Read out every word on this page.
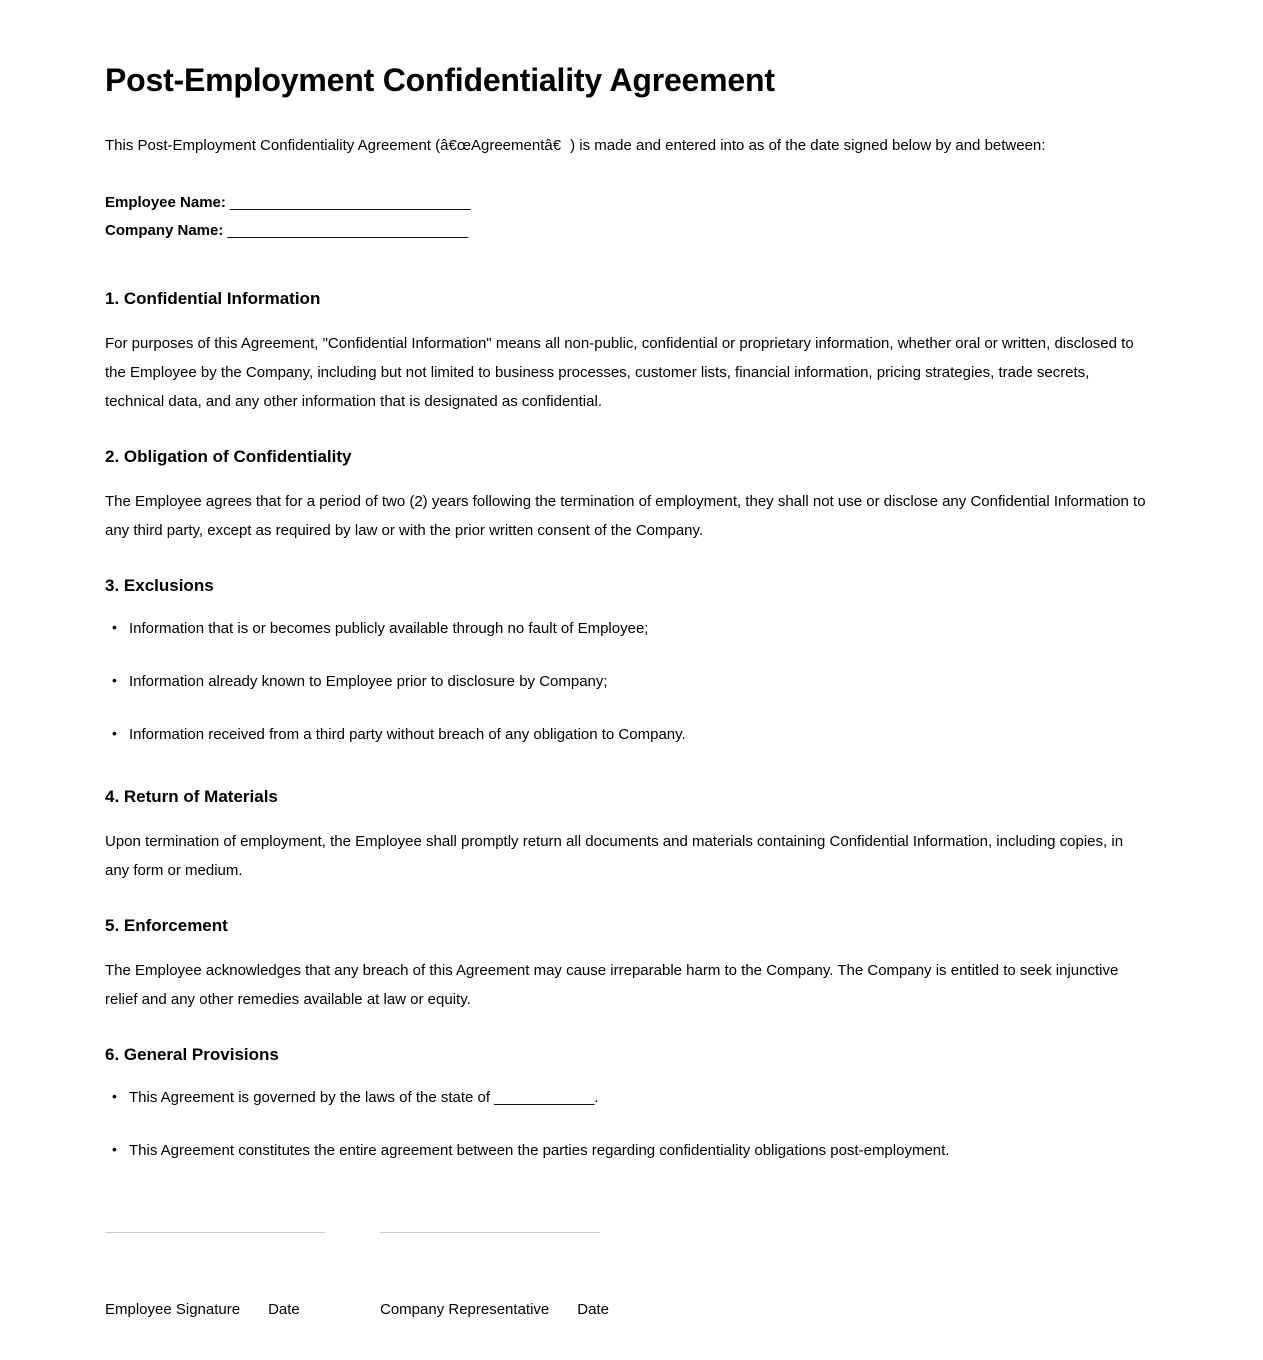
Post-Employment Confidentiality Agreement

This Post-Employment Confidentiality Agreement (â€œAgreementâ€) is made and entered into as of the date signed below by and between:

Employee Name: _______________________________
Company Name: _______________________________
1. Confidential Information

For purposes of this Agreement, "Confidential Information" means all non-public, confidential or proprietary information, whether oral or written, disclosed to the Employee by the Company, including but not limited to business processes, customer lists, financial information, pricing strategies, trade secrets, technical data, and any other information that is designated as confidential.

2. Obligation of Confidentiality

The Employee agrees that for a period of two (2) years following the termination of employment, they shall not use or disclose any Confidential Information to any third party, except as required by law or with the prior written consent of the Company.

3. Exclusions
• Information that is or becomes publicly available through no fault of Employee;
• Information already known to Employee prior to disclosure by Company;
• Information received from a third party without breach of any obligation to Company.
4. Return of Materials

Upon termination of employment, the Employee shall promptly return all documents and materials containing Confidential Information, including copies, in any form or medium.

5. Enforcement

The Employee acknowledges that any breach of this Agreement may cause irreparable harm to the Company. The Company is entitled to seek injunctive relief and any other remedies available at law or equity.

6. General Provisions
• This Agreement is governed by the laws of the state of ____________.
• This Agreement constitutes the entire agreement between the parties regarding confidentiality obligations post-employment.
Employee Signature Date	Company Representative Date
